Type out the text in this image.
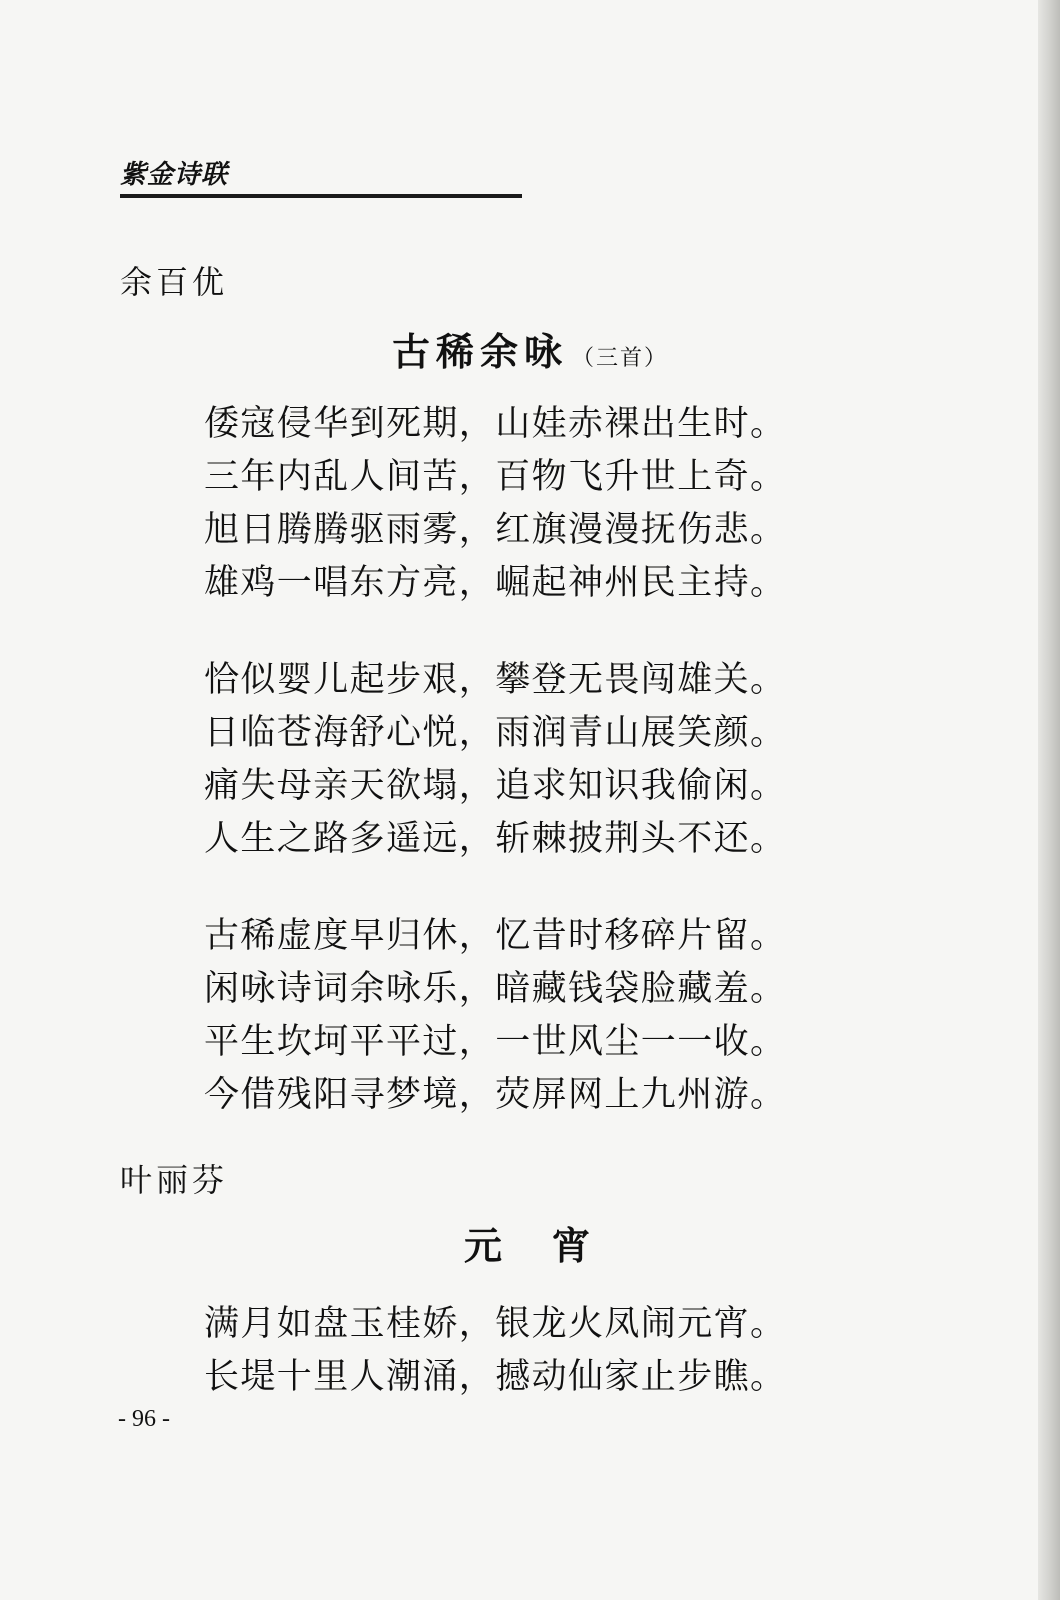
紫金诗联
余百优
古稀余咏 （三首）
倭寇侵华到死期，山娃赤裸出生时。
三年内乱人间苦，百物飞升世上奇。
旭日腾腾驱雨雾，红旗漫漫抚伤悲。
雄鸡一唱东方亮，崛起神州民主持。
恰似婴儿起步艰，攀登无畏闯雄关。
日临苍海舒心悦，雨润青山展笑颜。
痛失母亲天欲塌，追求知识我偷闲。
人生之路多遥远，斩棘披荆头不还。
古稀虚度早归休，忆昔时移碎片留。
闲咏诗词余咏乐，暗藏钱袋脸藏羞。
平生坎坷平平过，一世风尘一一收。
今借残阳寻梦境，荧屏网上九州游。
叶丽芬
元　宵
满月如盘玉桂娇，银龙火凤闹元宵。
长堤十里人潮涌，撼动仙家止步瞧。
- 96 -
